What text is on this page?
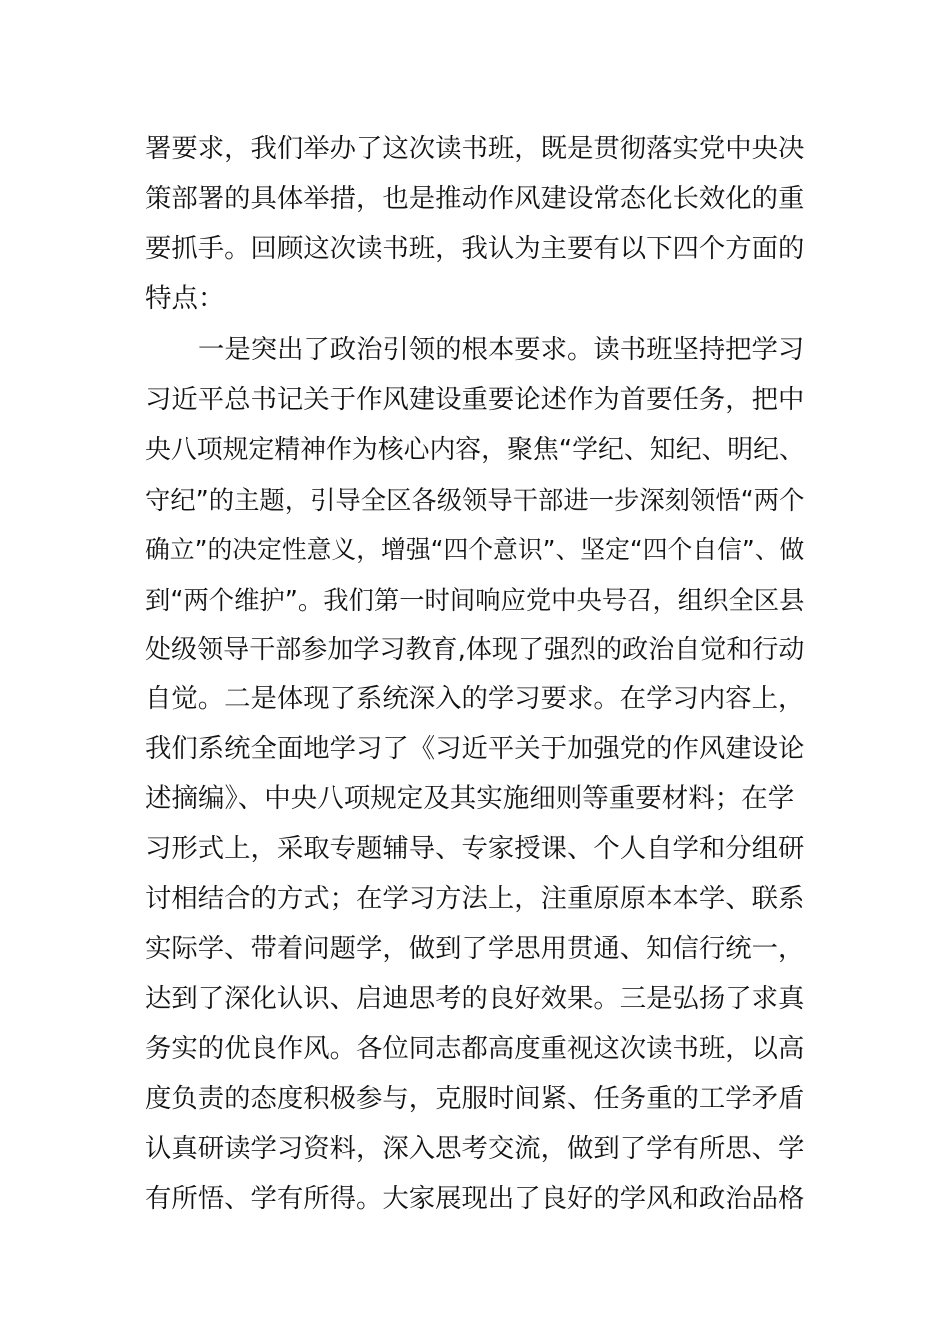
署要求，我们举办了这次读书班，既是贯彻落实党中央决
策部署的具体举措，也是推动作风建设常态化长效化的重
要抓手。回顾这次读书班，我认为主要有以下四个方面的
特点：
一是突出了政治引领的根本要求。读书班坚持把学习
习近平总书记关于作风建设重要论述作为首要任务，把中
央八项规定精神作为核心内容，聚焦“学纪、知纪、明纪、
守纪”的主题，引导全区各级领导干部进一步深刻领悟“两个
确立”的决定性意义，增强“四个意识”、坚定“四个自信”、做
到“两个维护”。我们第一时间响应党中央号召，组织全区县
处级领导干部参加学习教育,体现了强烈的政治自觉和行动
自觉。二是体现了系统深入的学习要求。在学习内容上，
我们系统全面地学习了《习近平关于加强党的作风建设论
述摘编》、中央八项规定及其实施细则等重要材料；在学
习形式上，采取专题辅导、专家授课、个人自学和分组研
讨相结合的方式；在学习方法上，注重原原本本学、联系
实际学、带着问题学，做到了学思用贯通、知信行统一，
达到了深化认识、启迪思考的良好效果。三是弘扬了求真
务实的优良作风。各位同志都高度重视这次读书班，以高
度负责的态度积极参与，克服时间紧、任务重的工学矛盾
认真研读学习资料，深入思考交流，做到了学有所思、学
有所悟、学有所得。大家展现出了良好的学风和政治品格
